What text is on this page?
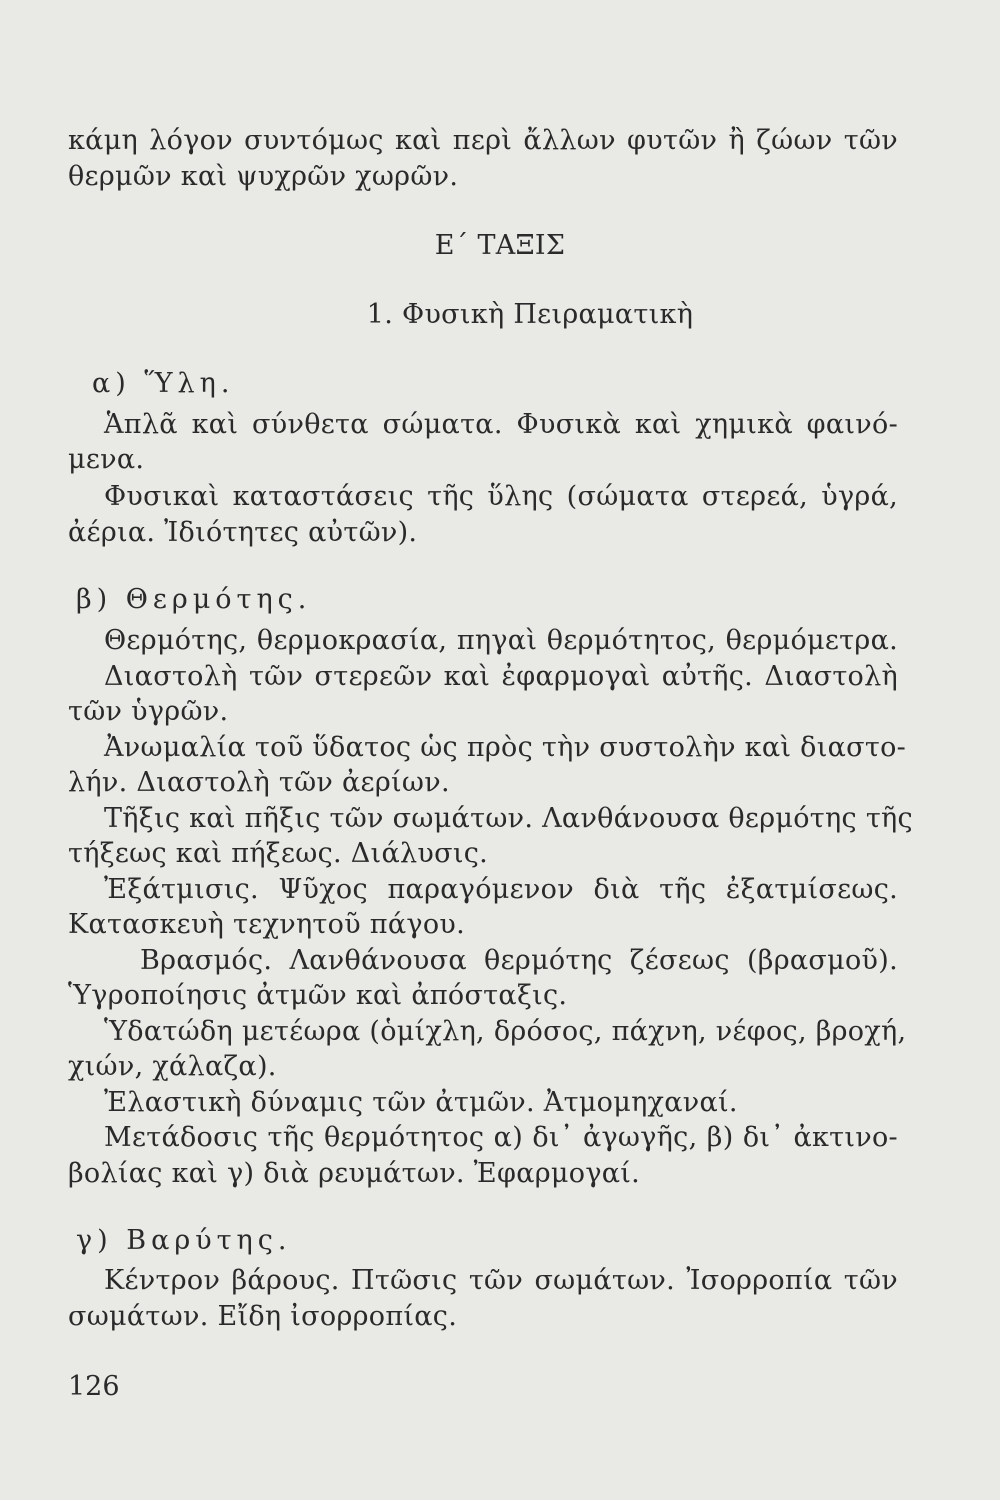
κάμη λόγον συντόμως καὶ περὶ ἄλλων φυτῶν ἢ ζώων τῶν
θερμῶν καὶ ψυχρῶν χωρῶν.
Ε΄ ΤΑΞΙΣ
1. Φυσικὴ Πειραματικὴ
α) Ὕλη.
Ἁπλᾶ καὶ σύνθετα σώματα. Φυσικὰ καὶ χημικὰ φαινό-
μενα.
Φυσικαὶ καταστάσεις τῆς ὕλης (σώματα στερεά, ὑγρά,
ἀέρια. Ἰδιότητες αὐτῶν).
β) Θερμότης.
Θερμότης, θερμοκρασία, πηγαὶ θερμότητος, θερμόμετρα.
Διαστολὴ τῶν στερεῶν καὶ ἐφαρμογαὶ αὐτῆς. Διαστολὴ
τῶν ὑγρῶν.
Ἀνωμαλία τοῦ ὕδατος ὡς πρὸς τὴν συστολὴν καὶ διαστο-
λήν. Διαστολὴ τῶν ἀερίων.
Τῆξις καὶ πῆξις τῶν σωμάτων. Λανθάνουσα θερμότης τῆς
τήξεως καὶ πήξεως. Διάλυσις.
Ἐξάτμισις. Ψῦχος παραγόμενον διὰ τῆς ἐξατμίσεως.
Κατασκευὴ τεχνητοῦ πάγου.
Βρασμός. Λανθάνουσα θερμότης ζέσεως (βρασμοῦ).
Ὑγροποίησις ἀτμῶν καὶ ἀπόσταξις.
Ὑδατώδη μετέωρα (ὁμίχλη, δρόσος, πάχνη, νέφος, βροχή,
χιών, χάλαζα).
Ἐλαστικὴ δύναμις τῶν ἀτμῶν. Ἀτμομηχαναί.
Μετάδοσις τῆς θερμότητος α) δι᾽ ἀγωγῆς, β) δι᾽ ἀκτινο-
βολίας καὶ γ) διὰ ρευμάτων. Ἐφαρμογαί.
γ) Βαρύτης.
Κέντρον βάρους. Πτῶσις τῶν σωμάτων. Ἰσορροπία τῶν
σωμάτων. Εἴδη ἰσορροπίας.
126
